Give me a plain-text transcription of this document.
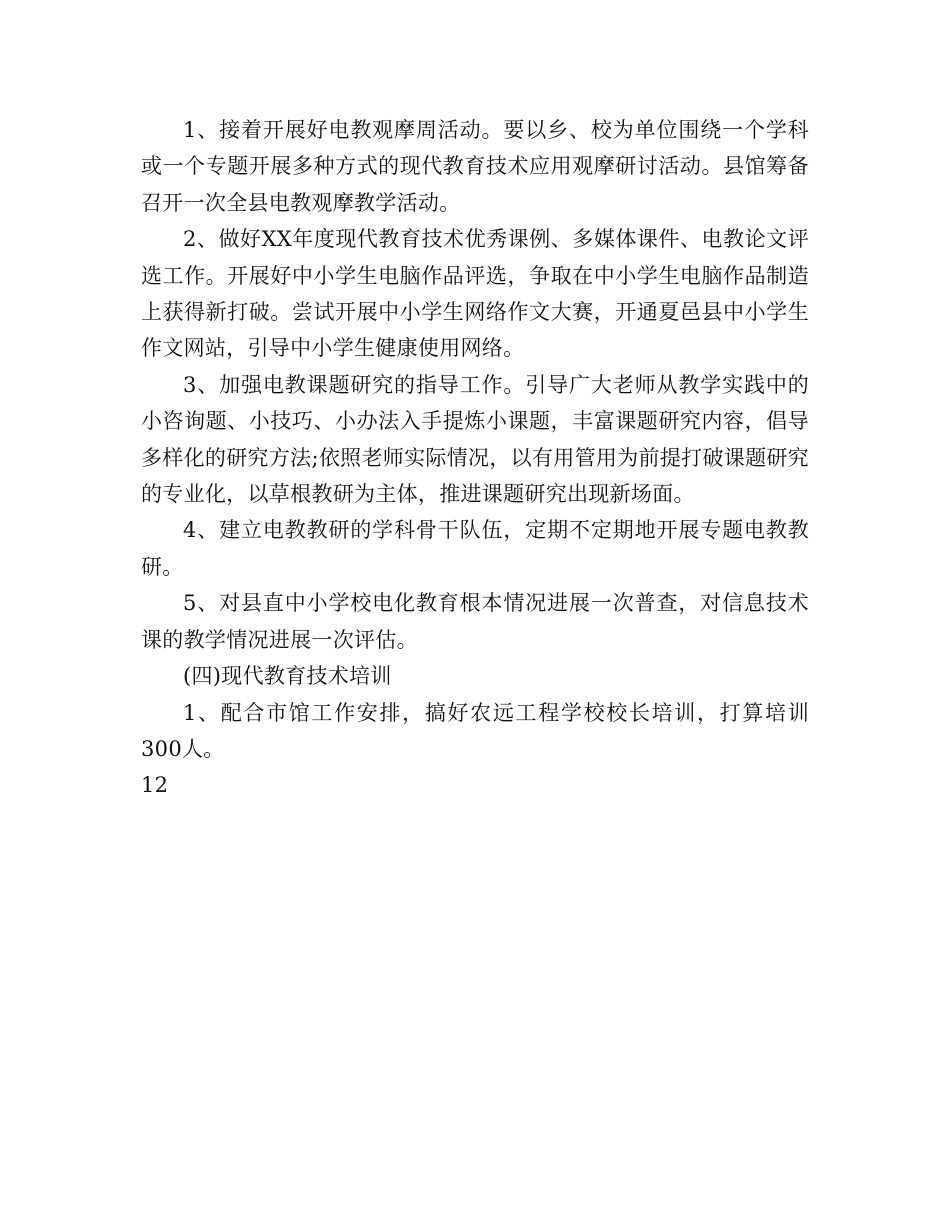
1、接着开展好电教观摩周活动。要以乡、校为单位围绕一个学科或一个专题开展多种方式的现代教育技术应用观摩研讨活动。县馆筹备召开一次全县电教观摩教学活动。

2、做好XX年度现代教育技术优秀课例、多媒体课件、电教论文评选工作。开展好中小学生电脑作品评选，争取在中小学生电脑作品制造上获得新打破。尝试开展中小学生网络作文大赛，开通夏邑县中小学生作文网站，引导中小学生健康使用网络。

3、加强电教课题研究的指导工作。引导广大老师从教学实践中的小咨询题、小技巧、小办法入手提炼小课题，丰富课题研究内容，倡导多样化的研究方法;依照老师实际情况，以有用管用为前提打破课题研究的专业化，以草根教研为主体，推进课题研究出现新场面。

4、建立电教教研的学科骨干队伍，定期不定期地开展专题电教教研。

5、对县直中小学校电化教育根本情况进展一次普查，对信息技术课的教学情况进展一次评估。

(四)现代教育技术培训

1、配合市馆工作安排，搞好农远工程学校校长培训，打算培训300人。

12
